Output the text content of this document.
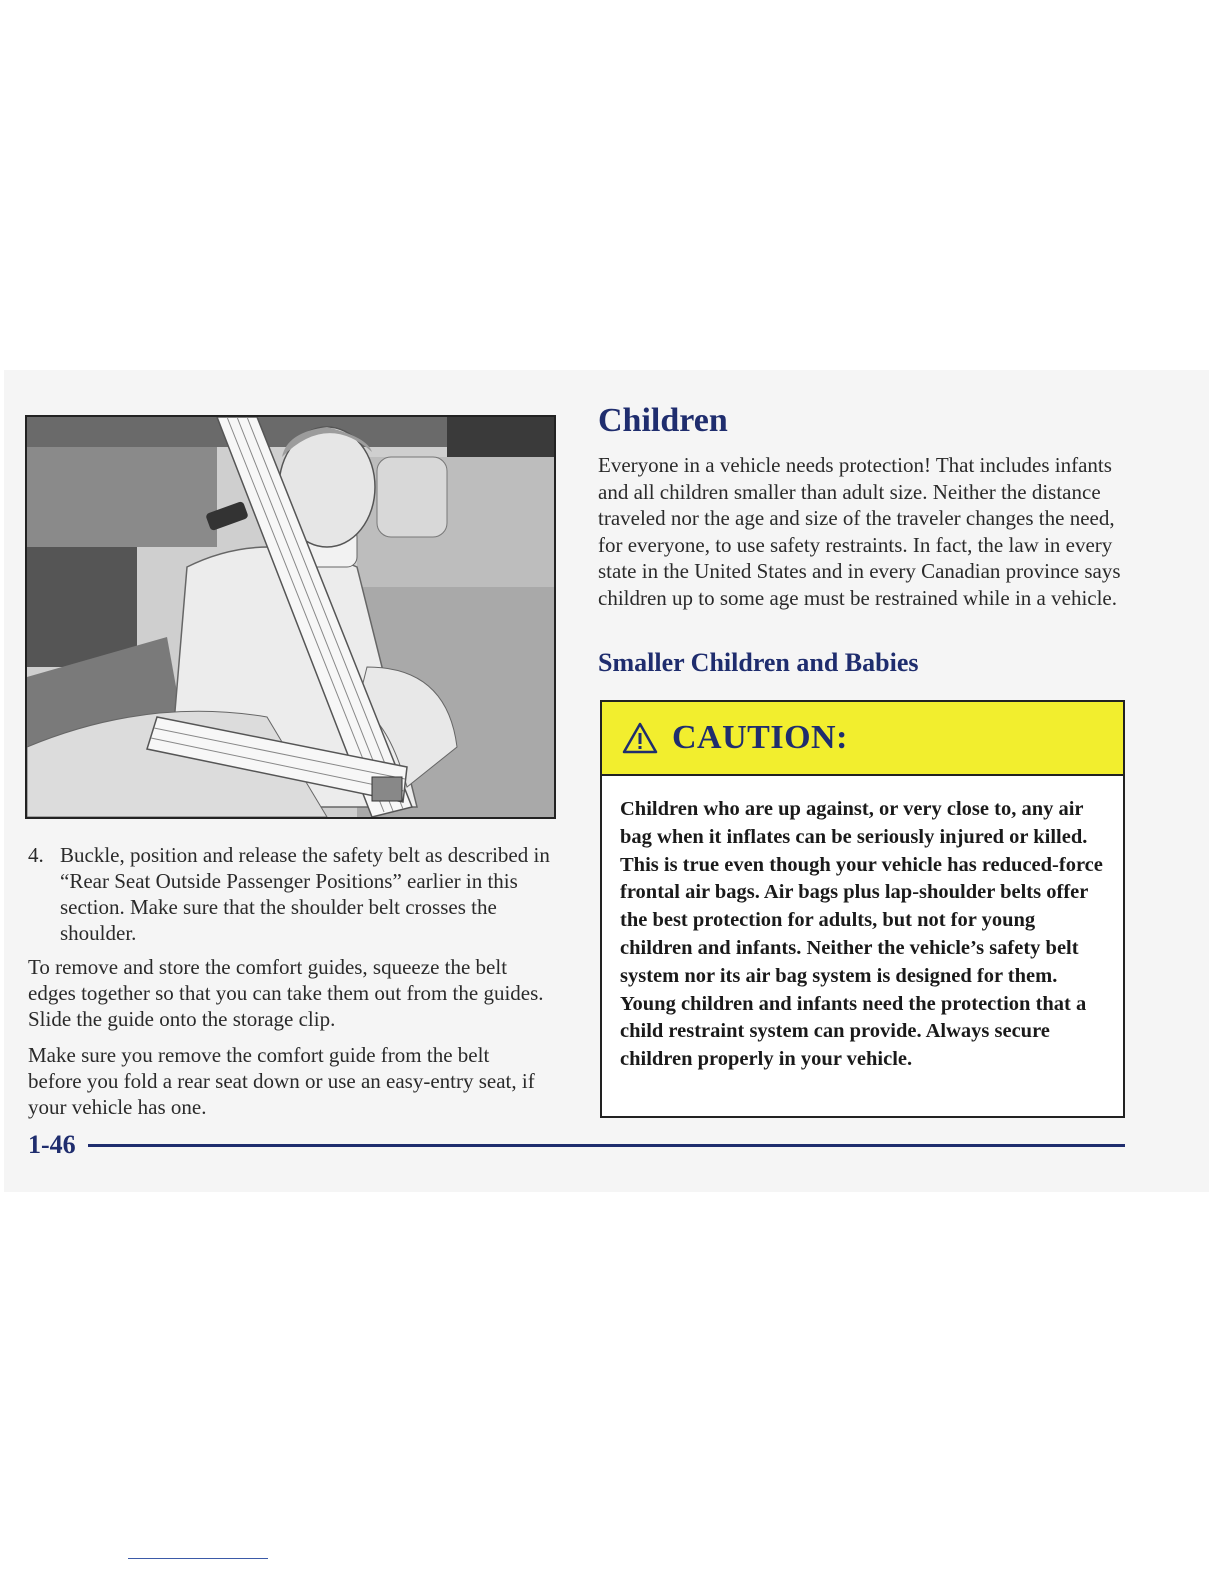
4. Buckle, position and release the safety belt as described in “Rear Seat Outside Passenger Positions” earlier in this section. Make sure that the shoulder belt crosses the shoulder.

To remove and store the comfort guides, squeeze the belt edges together so that you can take them out from the guides. Slide the guide onto the storage clip.

Make sure you remove the comfort guide from the belt before you fold a rear seat down or use an easy-entry seat, if your vehicle has one.

Children

Everyone in a vehicle needs protection! That includes infants and all children smaller than adult size. Neither the distance traveled nor the age and size of the traveler changes the need, for everyone, to use safety restraints. In fact, the law in every state in the United States and in every Canadian province says children up to some age must be restrained while in a vehicle.

Smaller Children and Babies
CAUTION:
Children who are up against, or very close to, any air bag when it inflates can be seriously injured or killed. This is true even though your vehicle has reduced-force frontal air bags. Air bags plus lap-shoulder belts offer the best protection for adults, but not for young children and infants. Neither the vehicle’s safety belt system nor its air bag system is designed for them. Young children and infants need the protection that a child restraint system can provide. Always secure children properly in your vehicle.
1-46
